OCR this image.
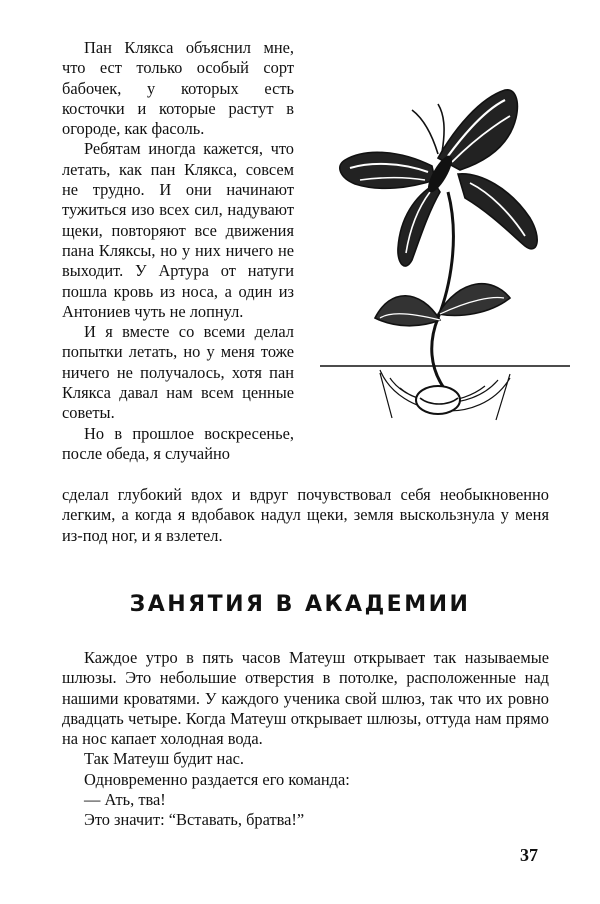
Пан Клякса объяснил мне, что ест только особый сорт бабочек, у которых есть косточки и которые растут в огороде, как фасоль.

Ребятам иногда кажется, что летать, как пан Клякса, совсем не трудно. И они начинают тужиться изо всех сил, надувают щеки, повторяют все движения пана Кляксы, но у них ничего не выходит. У Артура от натуги пошла кровь из носа, а один из Антониев чуть не лопнул.

И я вместе со всеми делал попытки летать, но у меня тоже ничего не получалось, хотя пан Клякса давал нам всем ценные советы.

Но в прошлое воскресенье, после обеда, я случайно

сделал глубокий вдох и вдруг почувствовал себя необыкновенно легким, а когда я вдобавок надул щеки, земля выскользнула у меня из-под ног, и я взлетел.

ЗАНЯТИЯ В АКАДЕМИИ

Каждое утро в пять часов Матеуш открывает так называемые шлюзы. Это небольшие отверстия в потолке, расположенные над нашими кроватями. У каждого ученика свой шлюз, так что их ровно двадцать четыре. Когда Матеуш открывает шлюзы, оттуда нам прямо на нос капает холодная вода.

Так Матеуш будит нас.

Одновременно раздается его команда:

— Ать, тва!

Это значит: “Вставать, братва!”

37
